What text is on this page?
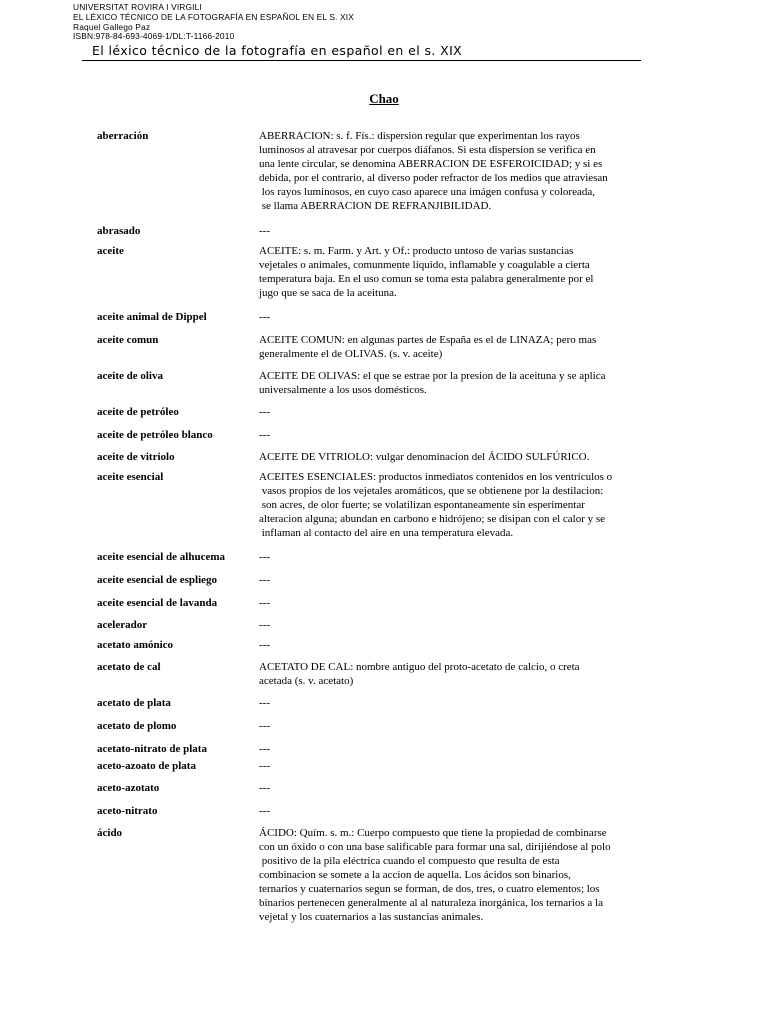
UNIVERSITAT ROVIRA I VIRGILI
EL LÉXICO TÉCNICO DE LA FOTOGRAFÍA EN ESPAÑOL EN EL S. XIX
Raquel Gallego Paz
ISBN:978-84-693-4069-1/DL:T-1166-2010
El léxico técnico de la fotografía en español en el s. XIX
Chao
aberración	ABERRACION: s. f. Fís.: dispersion regular que experimentan los rayos
luminosos al atravesar por cuerpos diáfanos. Si esta dispersion se verifica en
una lente circular, se denomina ABERRACION DE ESFEROICIDAD; y si es
debida, por el contrario, al diverso poder refractor de los medios que atraviesan
los rayos luminosos, en cuyo caso aparece una imágen confusa y coloreada,
se llama ABERRACION DE REFRANJIBILIDAD.
abrasado	---
aceite	ACEITE: s. m. Farm. y Art. y Of.: producto untoso de varias sustancias
vejetales o animales, comunmente líquido, inflamable y coagulable a cierta
temperatura baja. En el uso comun se toma esta palabra generalmente por el
jugo que se saca de la aceituna.
aceite animal de Dippel	---
aceite comun	ACEITE COMUN: en algunas partes de España es el de LINAZA; pero mas
generalmente el de OLIVAS. (s. v. aceite)
aceite de oliva	ACEITE DE OLIVAS: el que se estrae por la presion de la aceituna y se aplica
universalmente a los usos domésticos.
aceite de petróleo	---
aceite de petróleo blanco	---
aceite de vitriolo	ACEITE DE VITRIOLO: vulgar denominacion del ÁCIDO SULFÚRICO.
aceite esencial	ACEITES ESENCIALES: productos inmediatos contenidos en los ventrículos o
vasos propios de los vejetales aromáticos, que se obtienene por la destilacion:
son acres, de olor fuerte; se volatilizan espontaneamente sin esperimentar
alteracion alguna; abundan en carbono e hidrójeno; se disipan con el calor y se
inflaman al contacto del aire en una temperatura elevada.
aceite esencial de alhucema	---
aceite esencial de espliego	---
aceite esencial de lavanda	---
acelerador	---
acetato amónico	---
acetato de cal	ACETATO DE CAL: nombre antiguo del proto-acetato de calcio, o creta
acetada (s. v. acetato)
acetato de plata	---
acetato de plomo	---
acetato-nitrato de plata	---
aceto-azoato de plata	---
aceto-azotato	---
aceto-nitrato	---
ácido	ÁCIDO: Quím. s. m.: Cuerpo compuesto que tiene la propiedad de combinarse
con un óxido o con una base salificable para formar una sal, dirijiéndose al polo
positivo de la pila eléctrica cuando el compuesto que resulta de esta
combinacion se somete a la accion de aquella. Los ácidos son binarios,
ternarios y cuaternarios segun se forman, de dos, tres, o cuatro elementos; los
binarios pertenecen generalmente al al naturaleza inorgánica, los ternarios a la
vejetal y los cuaternarios a las sustancias animales.
